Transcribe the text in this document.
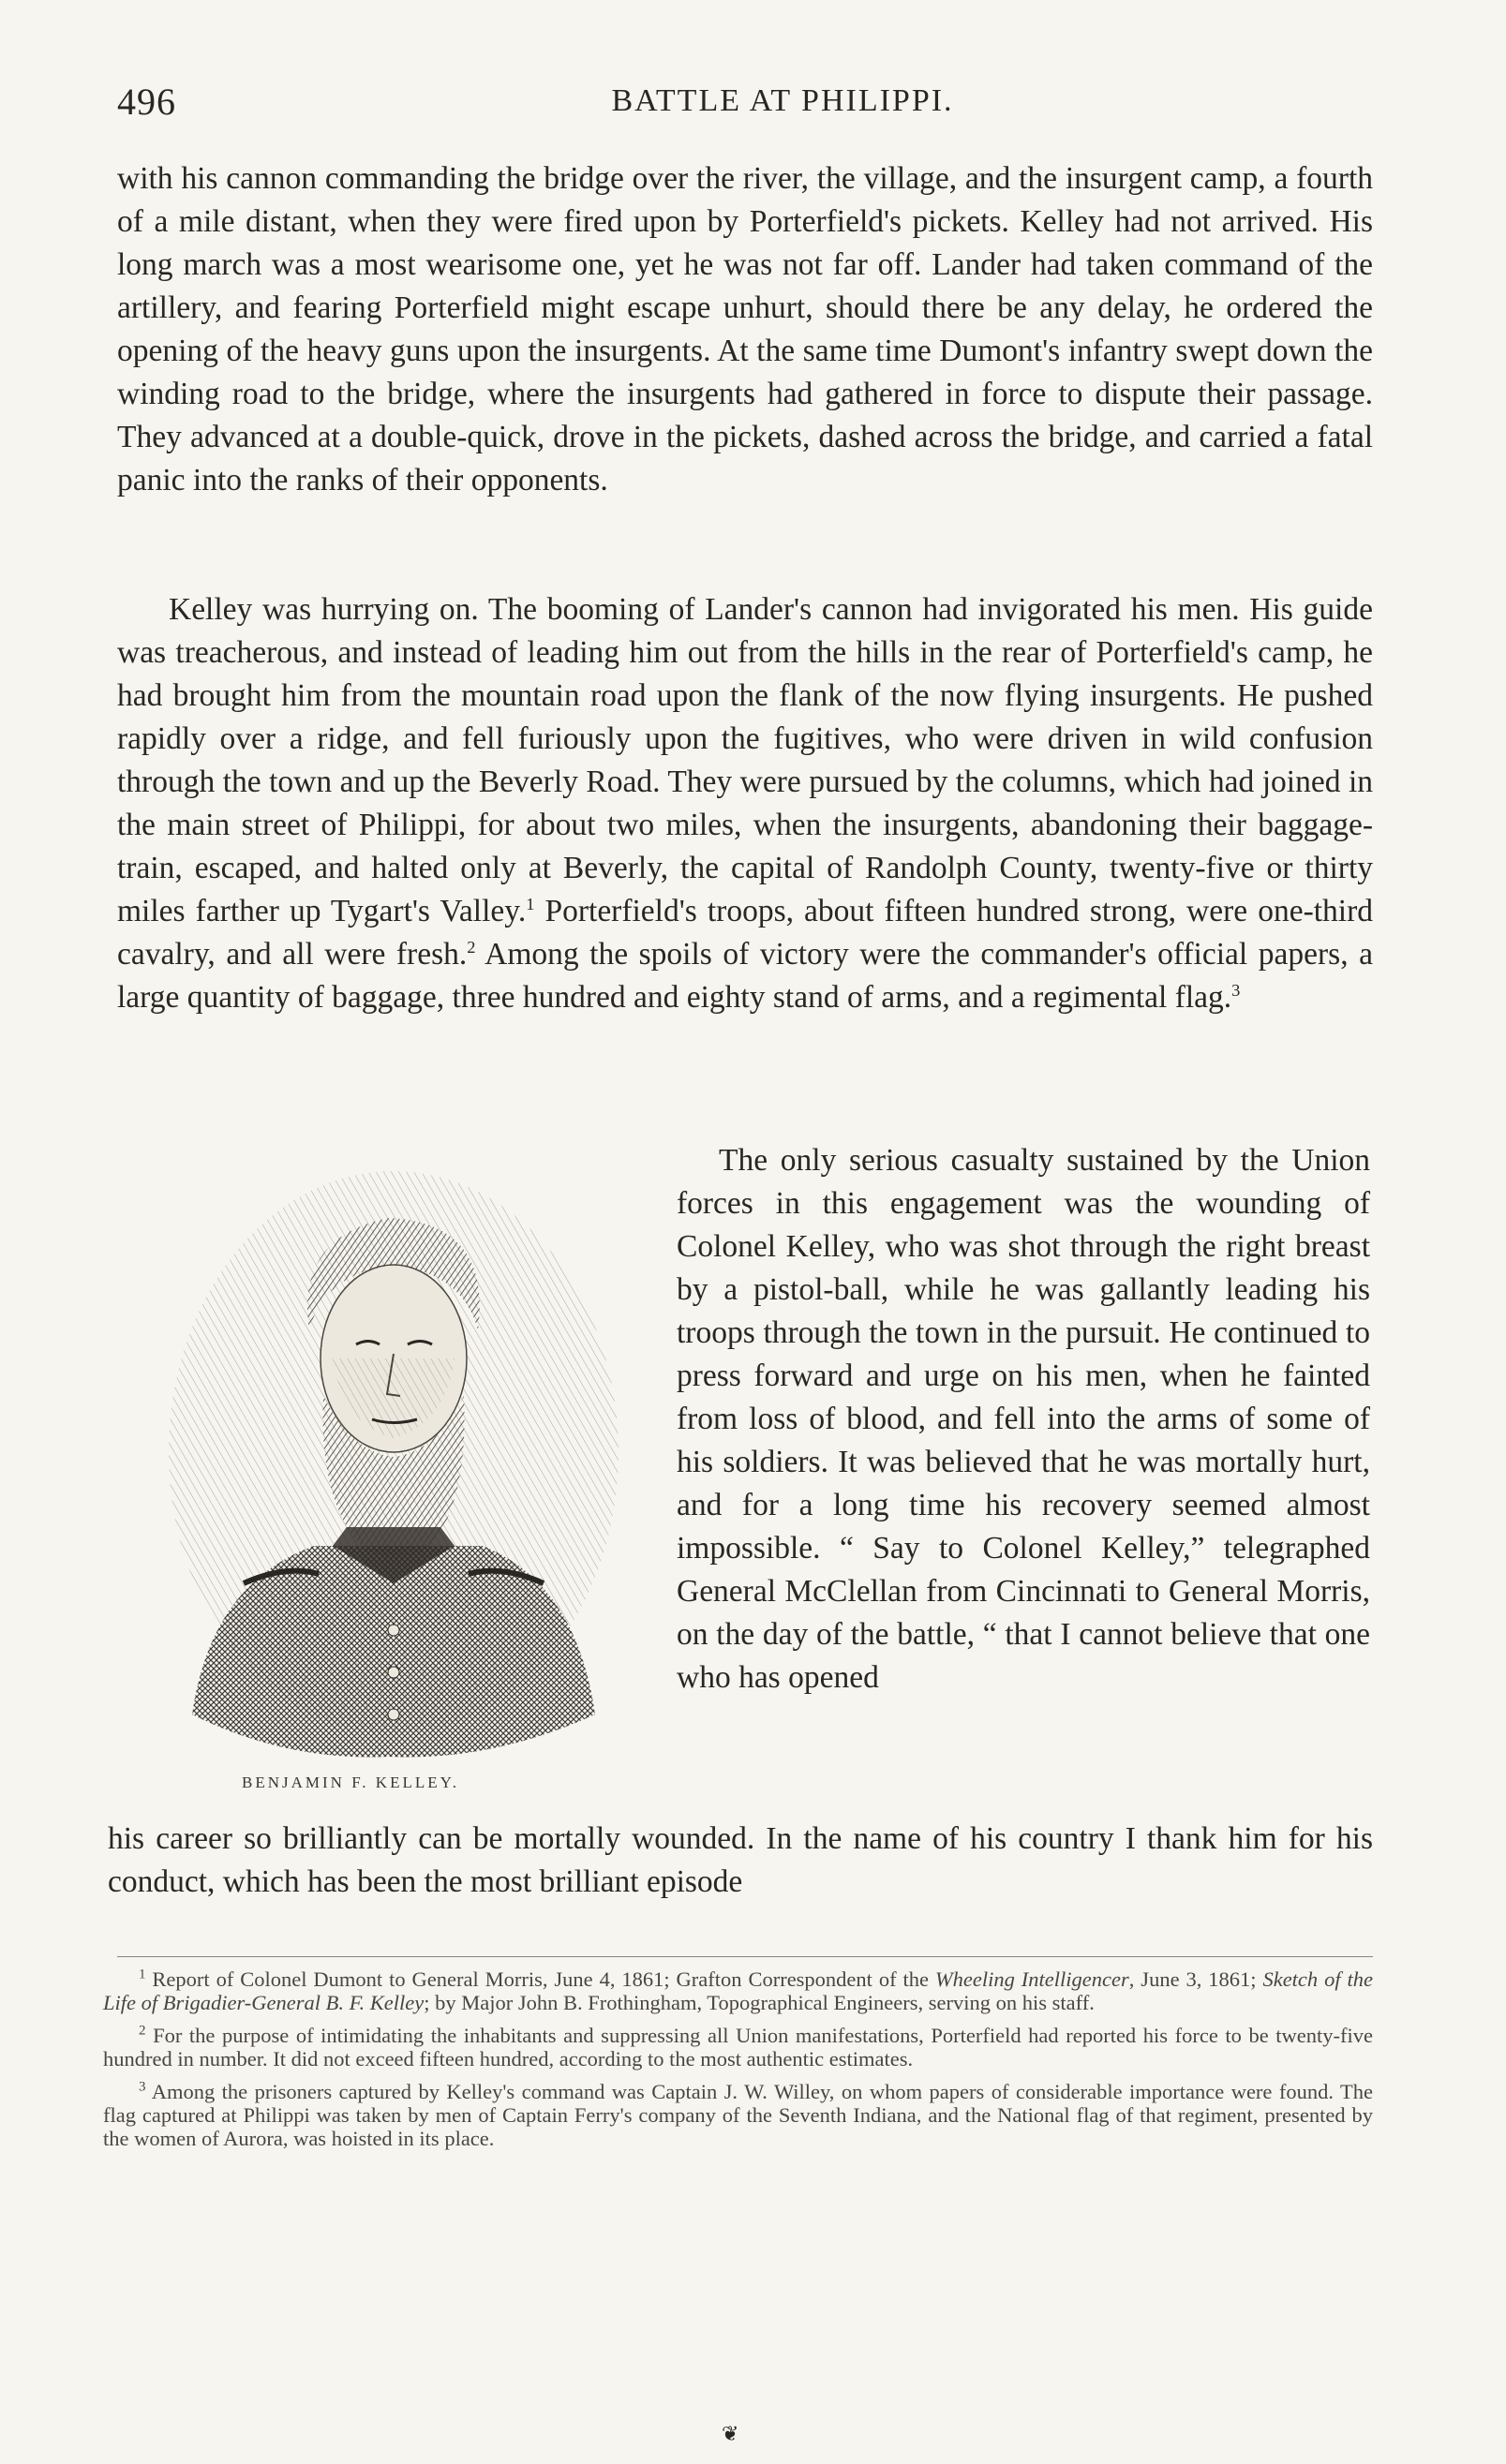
496	BATTLE AT PHILIPPI.

with his cannon commanding the bridge over the river, the village, and the insurgent camp, a fourth of a mile distant, when they were fired upon by Porterfield's pickets. Kelley had not arrived. His long march was a most wearisome one, yet he was not far off. Lander had taken command of the artillery, and fearing Porterfield might escape unhurt, should there be any delay, he ordered the opening of the heavy guns upon the insurgents. At the same time Dumont's infantry swept down the winding road to the bridge, where the insurgents had gathered in force to dispute their passage. They advanced at a double-quick, drove in the pickets, dashed across the bridge, and carried a fatal panic into the ranks of their opponents.

Kelley was hurrying on. The booming of Lander's cannon had invigorated his men. His guide was treacherous, and instead of leading him out from the hills in the rear of Porterfield's camp, he had brought him from the mountain road upon the flank of the now flying insurgents. He pushed rapidly over a ridge, and fell furiously upon the fugitives, who were driven in wild confusion through the town and up the Beverly Road. They were pursued by the columns, which had joined in the main street of Philippi, for about two miles, when the insurgents, abandoning their baggage-train, escaped, and halted only at Beverly, the capital of Randolph County, twenty-five or thirty miles farther up Tygart's Valley.$^1$ Porterfield's troops, about fifteen hundred strong, were one-third cavalry, and all were fresh.$^2$ Among the spoils of victory were the commander's official papers, a large quantity of baggage, three hundred and eighty stand of arms, and a regimental flag.$^3$

BENJAMIN F. KELLEY.

The only serious casualty sustained by the Union forces in this engagement was the wounding of Colonel Kelley, who was shot through the right breast by a pistol-ball, while he was gallantly leading his troops through the town in the pursuit. He continued to press forward and urge on his men, when he fainted from loss of blood, and fell into the arms of some of his soldiers. It was believed that he was mortally hurt, and for a long time his recovery seemed almost impossible. “ Say to Colonel Kelley,” telegraphed General McClellan from Cincinnati to General Morris, on the day of the battle, “ that I cannot believe that one who has opened

his career so brilliantly can be mortally wounded. In the name of his country I thank him for his conduct, which has been the most brilliant episode

$^1$ Report of Colonel Dumont to General Morris, June 4, 1861; Grafton Correspondent of the Wheeling Intelligencer, June 3, 1861; Sketch of the Life of Brigadier-General B. F. Kelley; by Major John B. Frothingham, Topographical Engineers, serving on his staff.

$^2$ For the purpose of intimidating the inhabitants and suppressing all Union manifestations, Porterfield had reported his force to be twenty-five hundred in number. It did not exceed fifteen hundred, according to the most authentic estimates.

$^3$ Among the prisoners captured by Kelley's command was Captain J. W. Willey, on whom papers of considerable importance were found. The flag captured at Philippi was taken by men of Captain Ferry's company of the Seventh Indiana, and the National flag of that regiment, presented by the women of Aurora, was hoisted in its place.

❦
